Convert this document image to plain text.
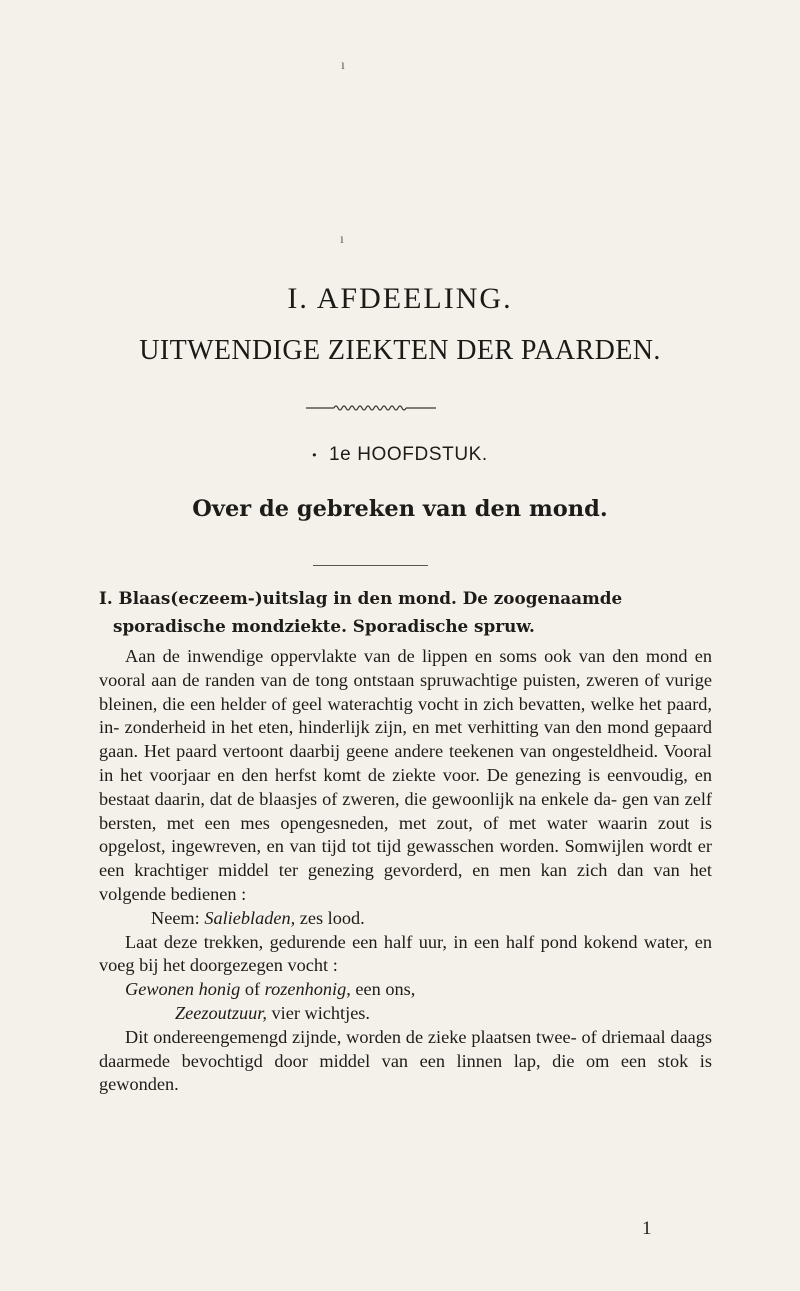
ı
ı
I. AFDEELING.
UITWENDIGE ZIEKTEN DER PAARDEN.
• 1e HOOFDSTUK.
Over de gebreken van den mond.
I. Blaas(eczeem-)uitslag in den mond. De zoogenaamde
sporadische mondziekte. Sporadische spruw.

Aan de inwendige oppervlakte van de lippen en soms ook van den mond en vooral aan de randen van de tong ontstaan spruwachtige puisten, zweren of vurige bleinen, die een helder of geel waterachtig vocht in zich bevatten, welke het paard, in- zonderheid in het eten, hinderlijk zijn, en met verhitting van den mond gepaard gaan. Het paard vertoont daarbij geene andere teekenen van ongesteldheid. Vooral in het voorjaar en den herfst komt de ziekte voor. De genezing is eenvoudig, en bestaat daarin, dat de blaasjes of zweren, die gewoonlijk na enkele da- gen van zelf bersten, met een mes opengesneden, met zout, of met water waarin zout is opgelost, ingewreven, en van tijd tot tijd gewasschen worden. Somwijlen wordt er een krachtiger middel ter genezing gevorderd, en men kan zich dan van het volgende bedienen :

Neem: Saliebladen, zes lood.

Laat deze trekken, gedurende een half uur, in een half pond kokend water, en voeg bij het doorgezegen vocht :

Gewonen honig of rozenhonig, een ons,
Zeezoutzuur, vier wichtjes.

Dit ondereengemengd zijnde, worden de zieke plaatsen twee- of driemaal daags daarmede bevochtigd door middel van een linnen lap, die om een stok is gewonden.

1
